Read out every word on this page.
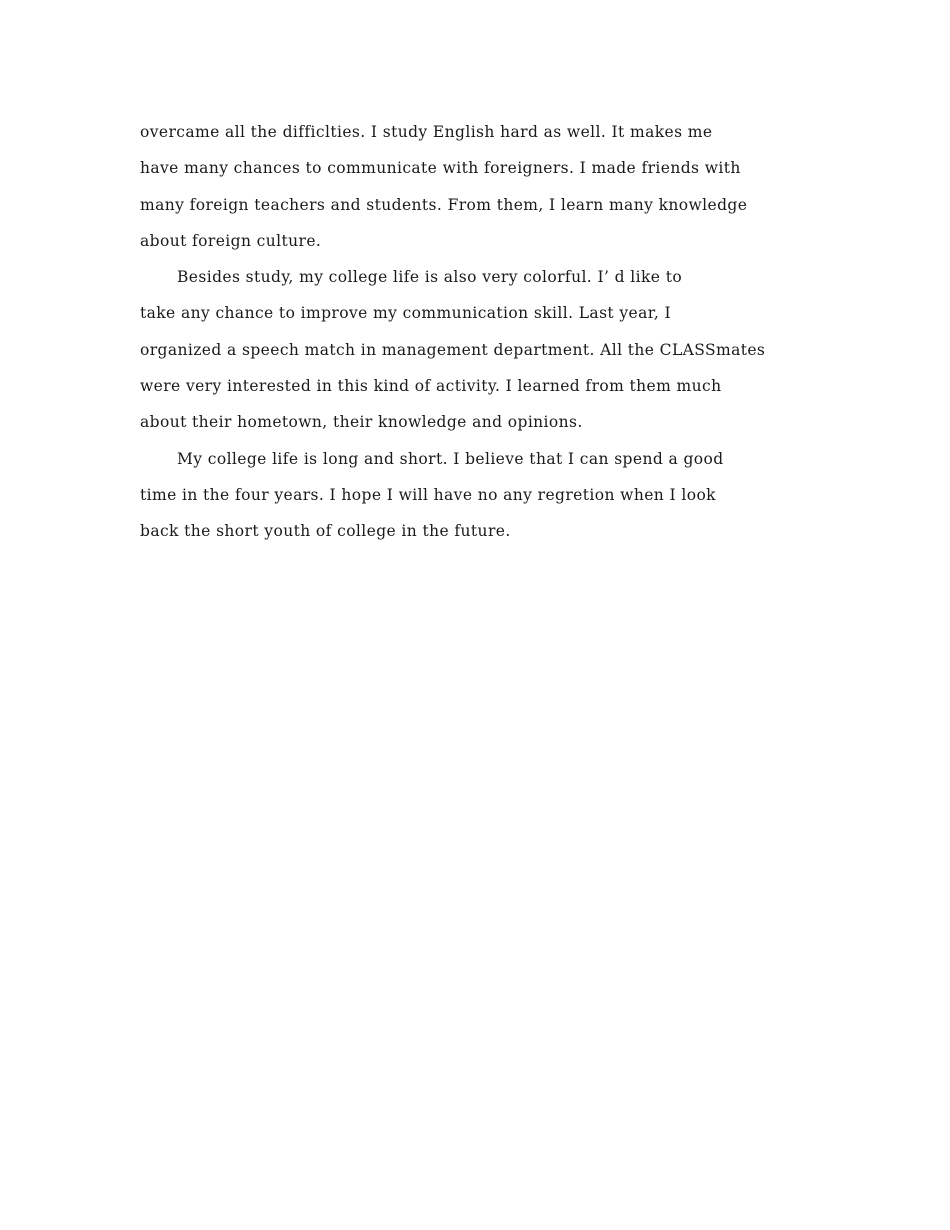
overcame all the difficlties. I study English hard as well. It makes me
have many chances to communicate with foreigners. I made friends with
many foreign teachers and students. From them, I learn many knowledge
about foreign culture.
Besides study, my college life is also very colorful. I’ d like to
take any chance to improve my communication skill. Last year, I
organized a speech match in management department. All the CLASSmates
were very interested in this kind of activity. I learned from them much
about their hometown, their knowledge and opinions.
My college life is long and short. I believe that I can spend a good
time in the four years. I hope I will have no any regretion when I look
back the short youth of college in the future.
